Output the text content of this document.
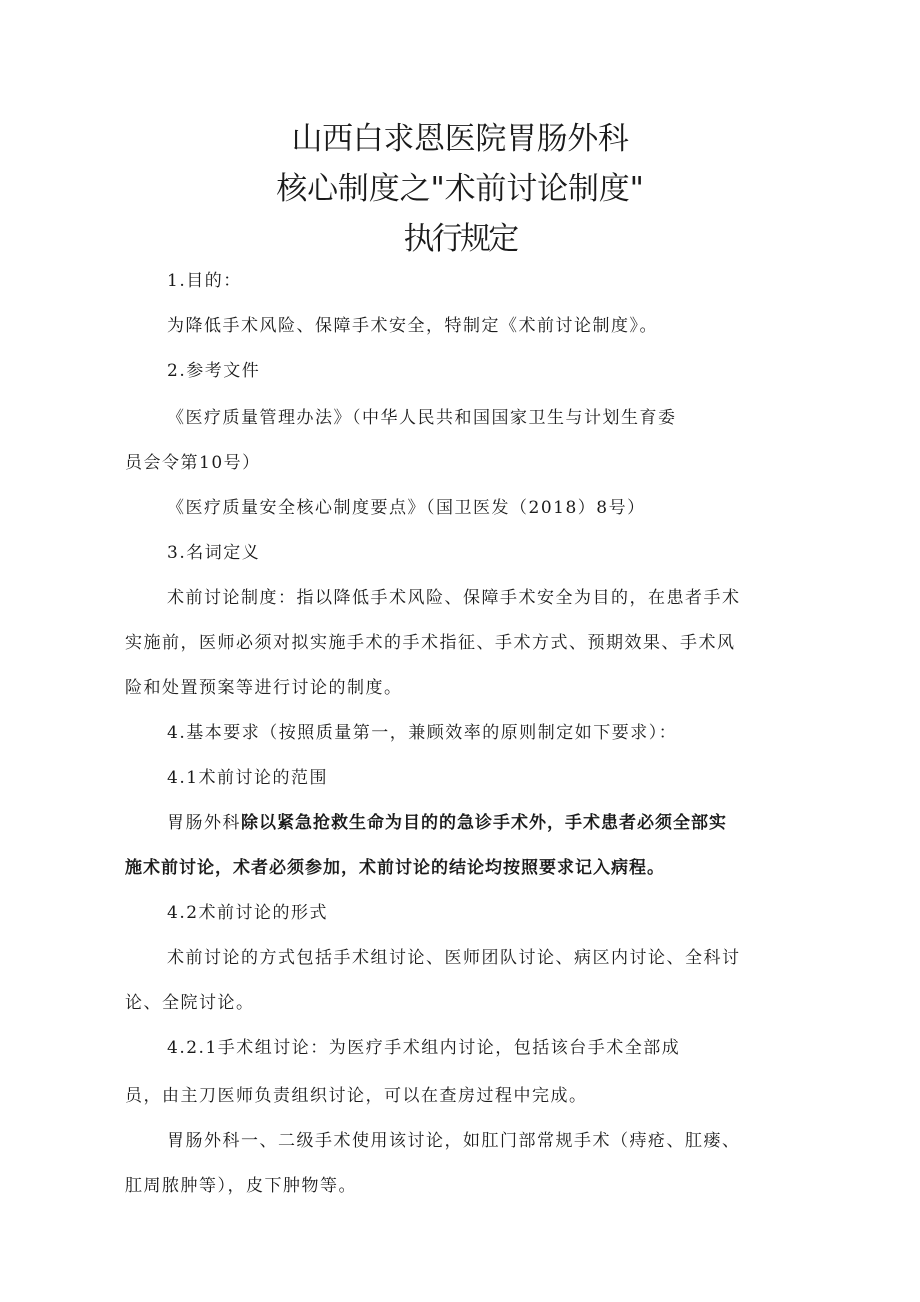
山西白求恩医院胃肠外科
核心制度之"术前讨论制度"
执行规定

1.目的：

为降低手术风险、保障手术安全，特制定《术前讨论制度》。

2.参考文件

《医疗质量管理办法》（中华人民共和国国家卫生与计划生育委

员会令第10号）

《医疗质量安全核心制度要点》（国卫医发（2018）8号）

3.名词定义

术前讨论制度：指以降低手术风险、保障手术安全为目的，在患者手术

实施前，医师必须对拟实施手术的手术指征、手术方式、预期效果、手术风

险和处置预案等进行讨论的制度。

4.基本要求（按照质量第一，兼顾效率的原则制定如下要求）：

4.1术前讨论的范围

胃肠外科除以紧急抢救生命为目的的急诊手术外，手术患者必须全部实

施术前讨论，术者必须参加，术前讨论的结论均按照要求记入病程。

4.2术前讨论的形式

术前讨论的方式包括手术组讨论、医师团队讨论、病区内讨论、全科讨

论、全院讨论。

4.2.1手术组讨论：为医疗手术组内讨论，包括该台手术全部成

员，由主刀医师负责组织讨论，可以在查房过程中完成。

胃肠外科一、二级手术使用该讨论，如肛门部常规手术（痔疮、肛瘘、

肛周脓肿等），皮下肿物等。
